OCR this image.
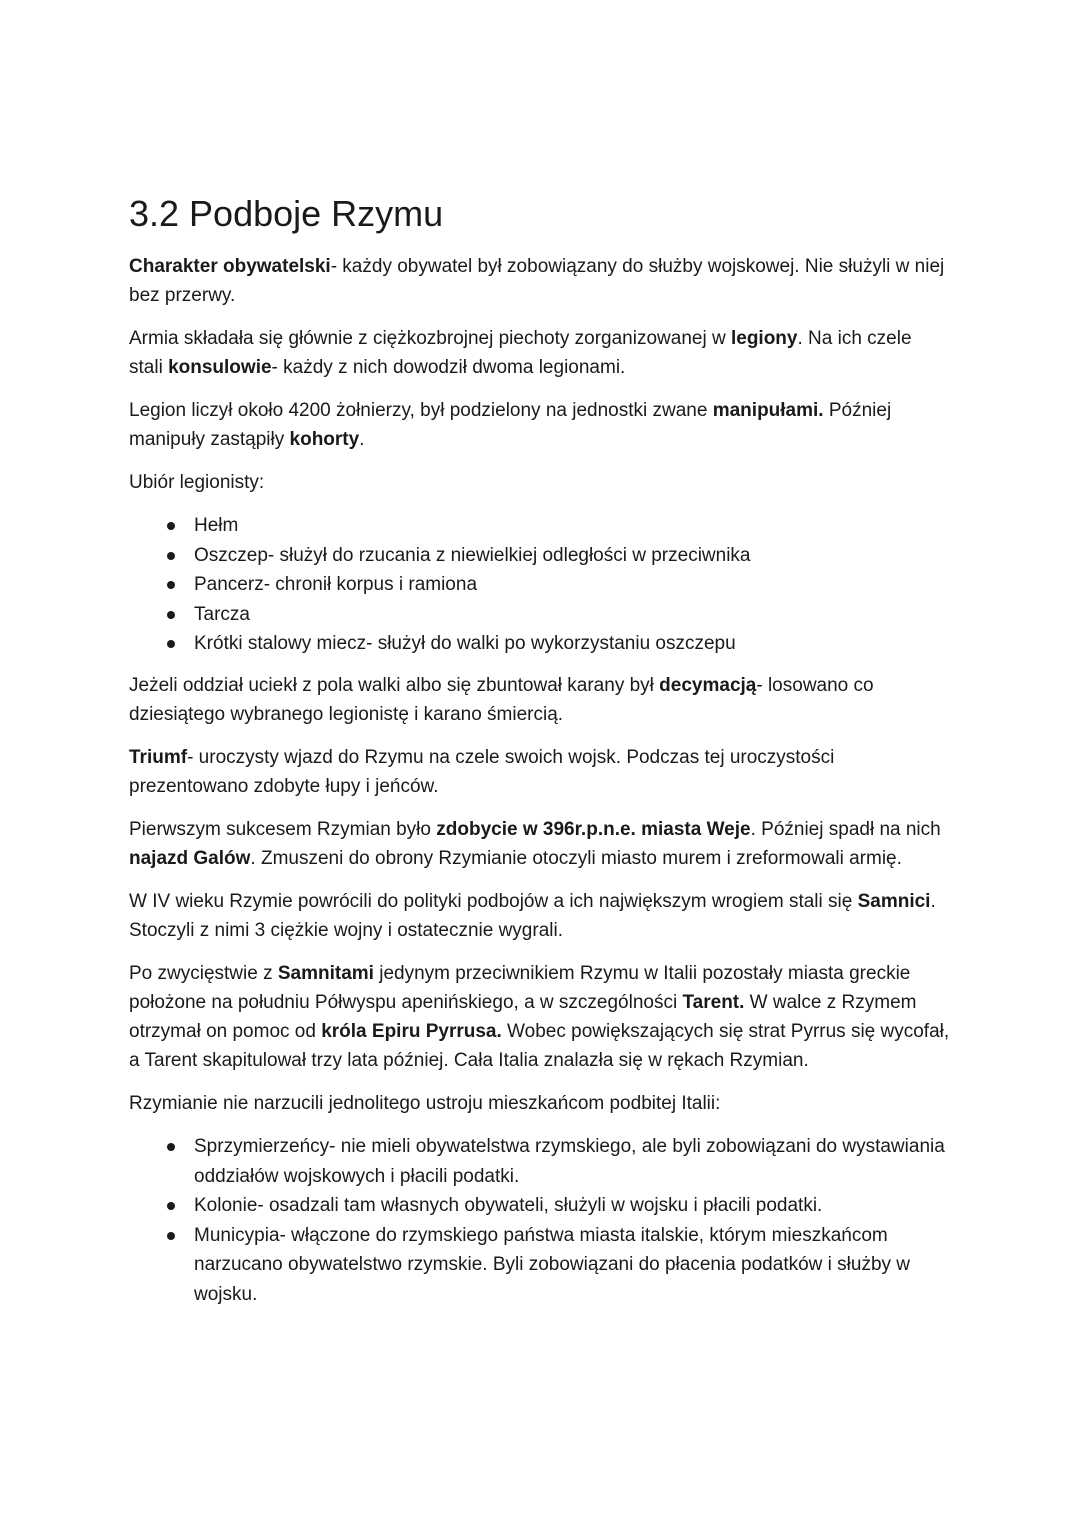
3.2 Podboje Rzymu

Charakter obywatelski- każdy obywatel był zobowiązany do służby wojskowej. Nie służyli w niej bez przerwy.

Armia składała się głównie z ciężkozbrojnej piechoty zorganizowanej w legiony. Na ich czele stali konsulowie- każdy z nich dowodził dwoma legionami.

Legion liczył około 4200 żołnierzy, był podzielony na jednostki zwane manipułami. Później manipuły zastąpiły kohorty.

Ubiór legionisty:

Hełm
Oszczep- służył do rzucania z niewielkiej odległości w przeciwnika
Pancerz- chronił korpus i ramiona
Tarcza
Krótki stalowy miecz- służył do walki po wykorzystaniu oszczepu

Jeżeli oddział uciekł z pola walki albo się zbuntował karany był decymacją- losowano co dziesiątego wybranego legionistę i karano śmiercią.

Triumf- uroczysty wjazd do Rzymu na czele swoich wojsk. Podczas tej uroczystości prezentowano zdobyte łupy i jeńców.

Pierwszym sukcesem Rzymian było zdobycie w 396r.p.n.e. miasta Weje. Później spadł na nich najazd Galów. Zmuszeni do obrony Rzymianie otoczyli miasto murem i zreformowali armię.

W IV wieku Rzymie powrócili do polityki podbojów a ich największym wrogiem stali się Samnici. Stoczyli z nimi 3 ciężkie wojny i ostatecznie wygrali.

Po zwycięstwie z Samnitami jedynym przeciwnikiem Rzymu w Italii pozostały miasta greckie położone na południu Półwyspu apenińskiego, a w szczególności Tarent. W walce z Rzymem otrzymał on pomoc od króla Epiru Pyrrusa. Wobec powiększających się strat Pyrrus się wycofał, a Tarent skapitulował trzy lata później. Cała Italia znalazła się w rękach Rzymian.

Rzymianie nie narzucili jednolitego ustroju mieszkańcom podbitej Italii:

Sprzymierzeńcy- nie mieli obywatelstwa rzymskiego, ale byli zobowiązani do wystawiania oddziałów wojskowych i płacili podatki.
Kolonie- osadzali tam własnych obywateli, służyli w wojsku i płacili podatki.
Municypia- włączone do rzymskiego państwa miasta italskie, którym mieszkańcom narzucano obywatelstwo rzymskie. Byli zobowiązani do płacenia podatków i służby w wojsku.
